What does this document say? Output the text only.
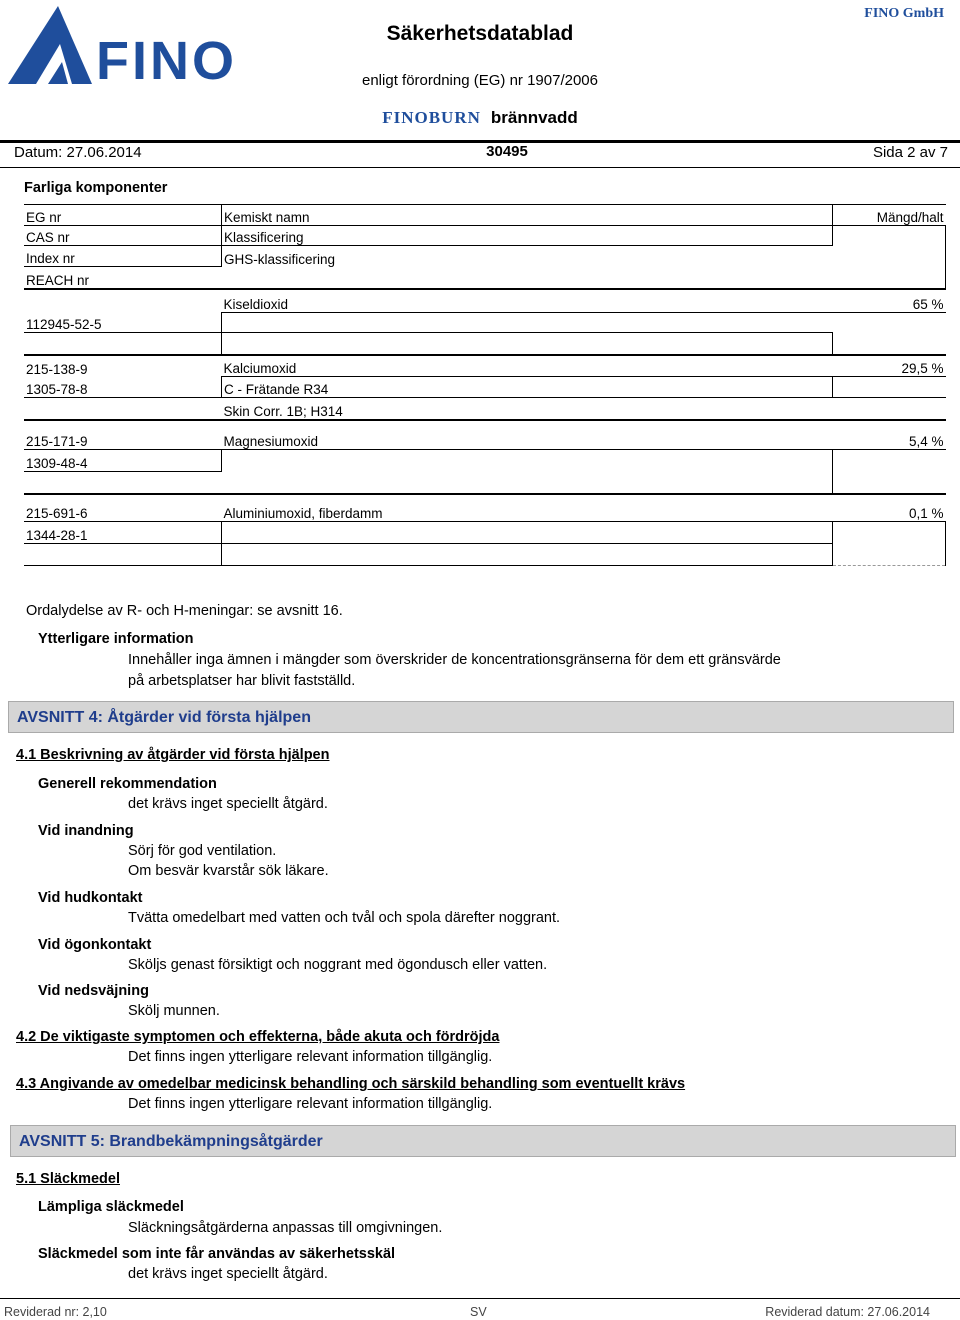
FINO	Säkerhetsdatablad
enligt förordning (EG) nr 1907/2006
FINO GmbH
FINOBURN brännvadd
Datum: 27.06.2014	30495	Sida 2 av 7
Farliga komponenter
EG nr	Kemiskt namn	Mängd/halt
CAS nr	Klassificering	
Index nr	GHS-klassificering	
REACH nr		
	Kiseldioxid	65 %
112945-52-5		

215-138-9	Kalciumoxid	29,5 %
1305-78-8	C - Frätande R34	
	Skin Corr. 1B; H314	
215-171-9	Magnesiumoxid	5,4 %
1309-48-4		

215-691-6	Aluminiumoxid, fiberdamm	0,1 %
1344-28-1		

Ordalydelse av R- och H-meningar: se avsnitt 16.
Ytterligare information
Innehåller inga ämnen i mängder som överskrider de koncentrationsgränserna för dem ett gränsvärde
på arbetsplatser har blivit fastställd.
AVSNITT 4: Åtgärder vid första hjälpen
4.1 Beskrivning av åtgärder vid första hjälpen
Generell rekommendation
det krävs inget speciellt åtgärd.
Vid inandning
Sörj för god ventilation.
Om besvär kvarstår sök läkare.
Vid hudkontakt
Tvätta omedelbart med vatten och tvål och spola därefter noggrant.
Vid ögonkontakt
Sköljs genast försiktigt och noggrant med ögondusch eller vatten.
Vid nedsväjning
Skölj munnen.
4.2 De viktigaste symptomen och effekterna, både akuta och fördröjda
Det finns ingen ytterligare relevant information tillgänglig.
4.3 Angivande av omedelbar medicinsk behandling och särskild behandling som eventuellt krävs
Det finns ingen ytterligare relevant information tillgänglig.
AVSNITT 5: Brandbekämpningsåtgärder
5.1 Släckmedel
Lämpliga släckmedel
Släckningsåtgärderna anpassas till omgivningen.
Släckmedel som inte får användas av säkerhetsskäl
det krävs inget speciellt åtgärd.
Reviderad nr: 2,10	SV	Reviderad datum: 27.06.2014
